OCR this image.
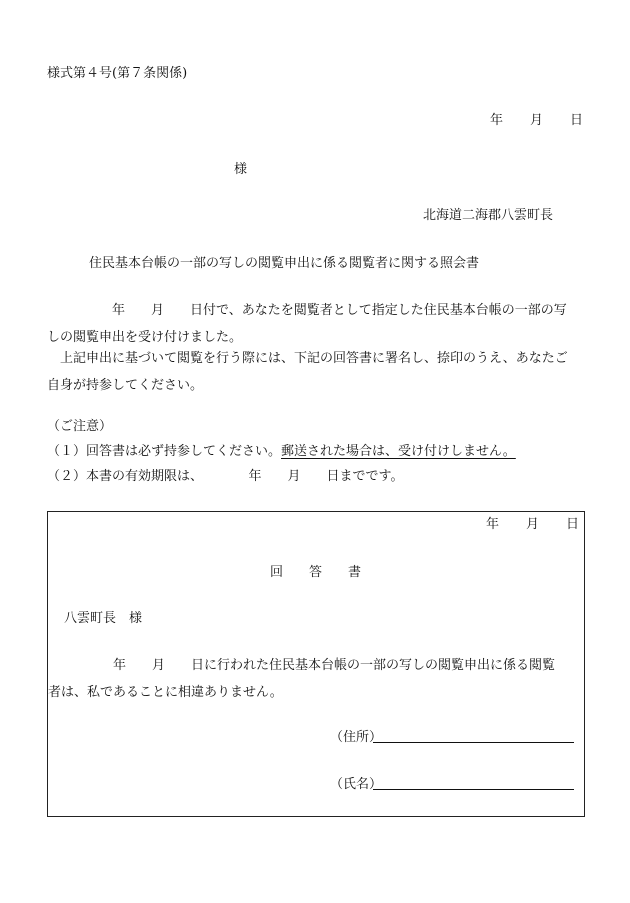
様式第４号(第７条関係)
年 月 日
様
北海道二海郡八雲町長
住民基本台帳の一部の写しの閲覧申出に係る閲覧者に関する照会書
　　　　　年　　月　　日付で、あなたを閲覧者として指定した住民基本台帳の一部の写
しの閲覧申出を受け付けました。
　上記申出に基づいて閲覧を行う際には、下記の回答書に署名し、捺印のうえ、あなたご
自身が持参してください。
（ご注意）
（１）回答書は必ず持参してください。郵送された場合は、受け付けしません。
（２）本書の有効期限は、　　　　年　　月　　日までです。
年 月 日
回　　答　　書
八雲町長　様
　　　　　年　　月　　日に行われた住民基本台帳の一部の写しの閲覧申出に係る閲覧
者は、私であることに相違ありません。
（住所）
（氏名）
